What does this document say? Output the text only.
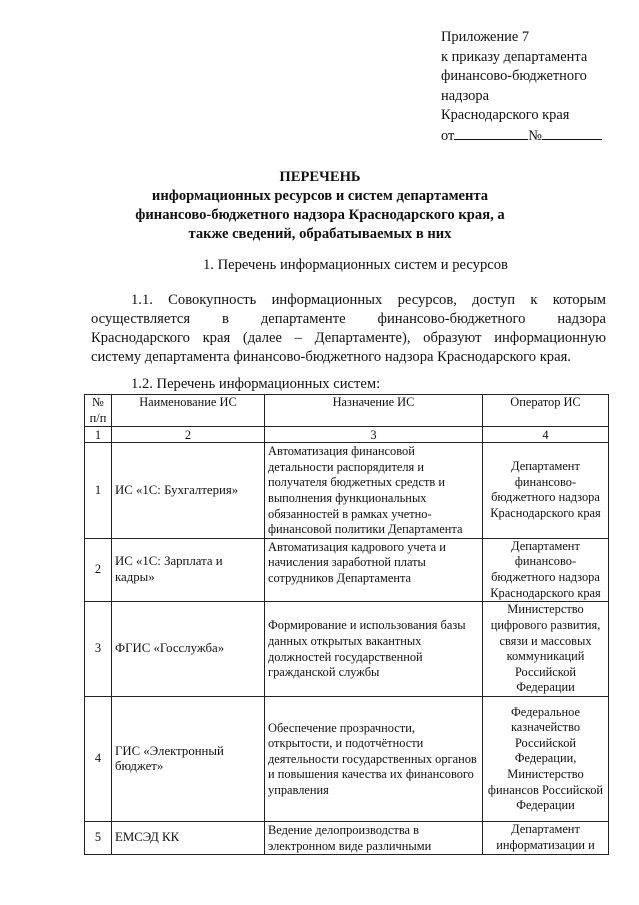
Приложение 7
к приказу департамента
финансово-бюджетного
надзора
Краснодарского края
от	№
ПЕРЕЧЕНЬ
информационных ресурсов и систем департамента
финансово-бюджетного надзора Краснодарского края, а
также сведений, обрабатываемых в них
1. Перечень информационных систем и ресурсов
1.1. Совокупность информационных ресурсов, доступ к которым
осуществляется в департаменте финансово-бюджетного надзора
Краснодарского края (далее – Департаменте), образуют информационную
систему департамента финансово-бюджетного надзора Краснодарского края.
1.2. Перечень информационных систем:
№ п/п	Наименование ИС	Назначение ИС	Оператор ИС
1	2	3	4
1	ИС «1С: Бухгалтерия»	Автоматизация финансовой детальности распорядителя и получателя бюджетных средств и выполнения функциональных обязанностей в рамках учетно-финансовой политики Департамента	Департамент финансово-бюджетного надзора Краснодарского края
2	ИС «1С: Зарплата и кадры»	Автоматизация кадрового учета и начисления заработной платы сотрудников Департамента	Департамент финансово-бюджетного надзора Краснодарского края
3	ФГИС «Госслужба»	Формирование и использования базы данных открытых вакантных должностей государственной гражданской службы	Министерство цифрового развития, связи и массовых коммуникаций Российской Федерации
4	ГИС «Электронный бюджет»	Обеспечение прозрачности, открытости, и подотчётности деятельности государственных органов и повышения качества их финансового управления	Федеральное казначейство Российской Федерации, Министерство финансов Российской Федерации
5	ЕМСЭД КК	Ведение делопроизводства в электронном виде различными	Департамент информатизации и
